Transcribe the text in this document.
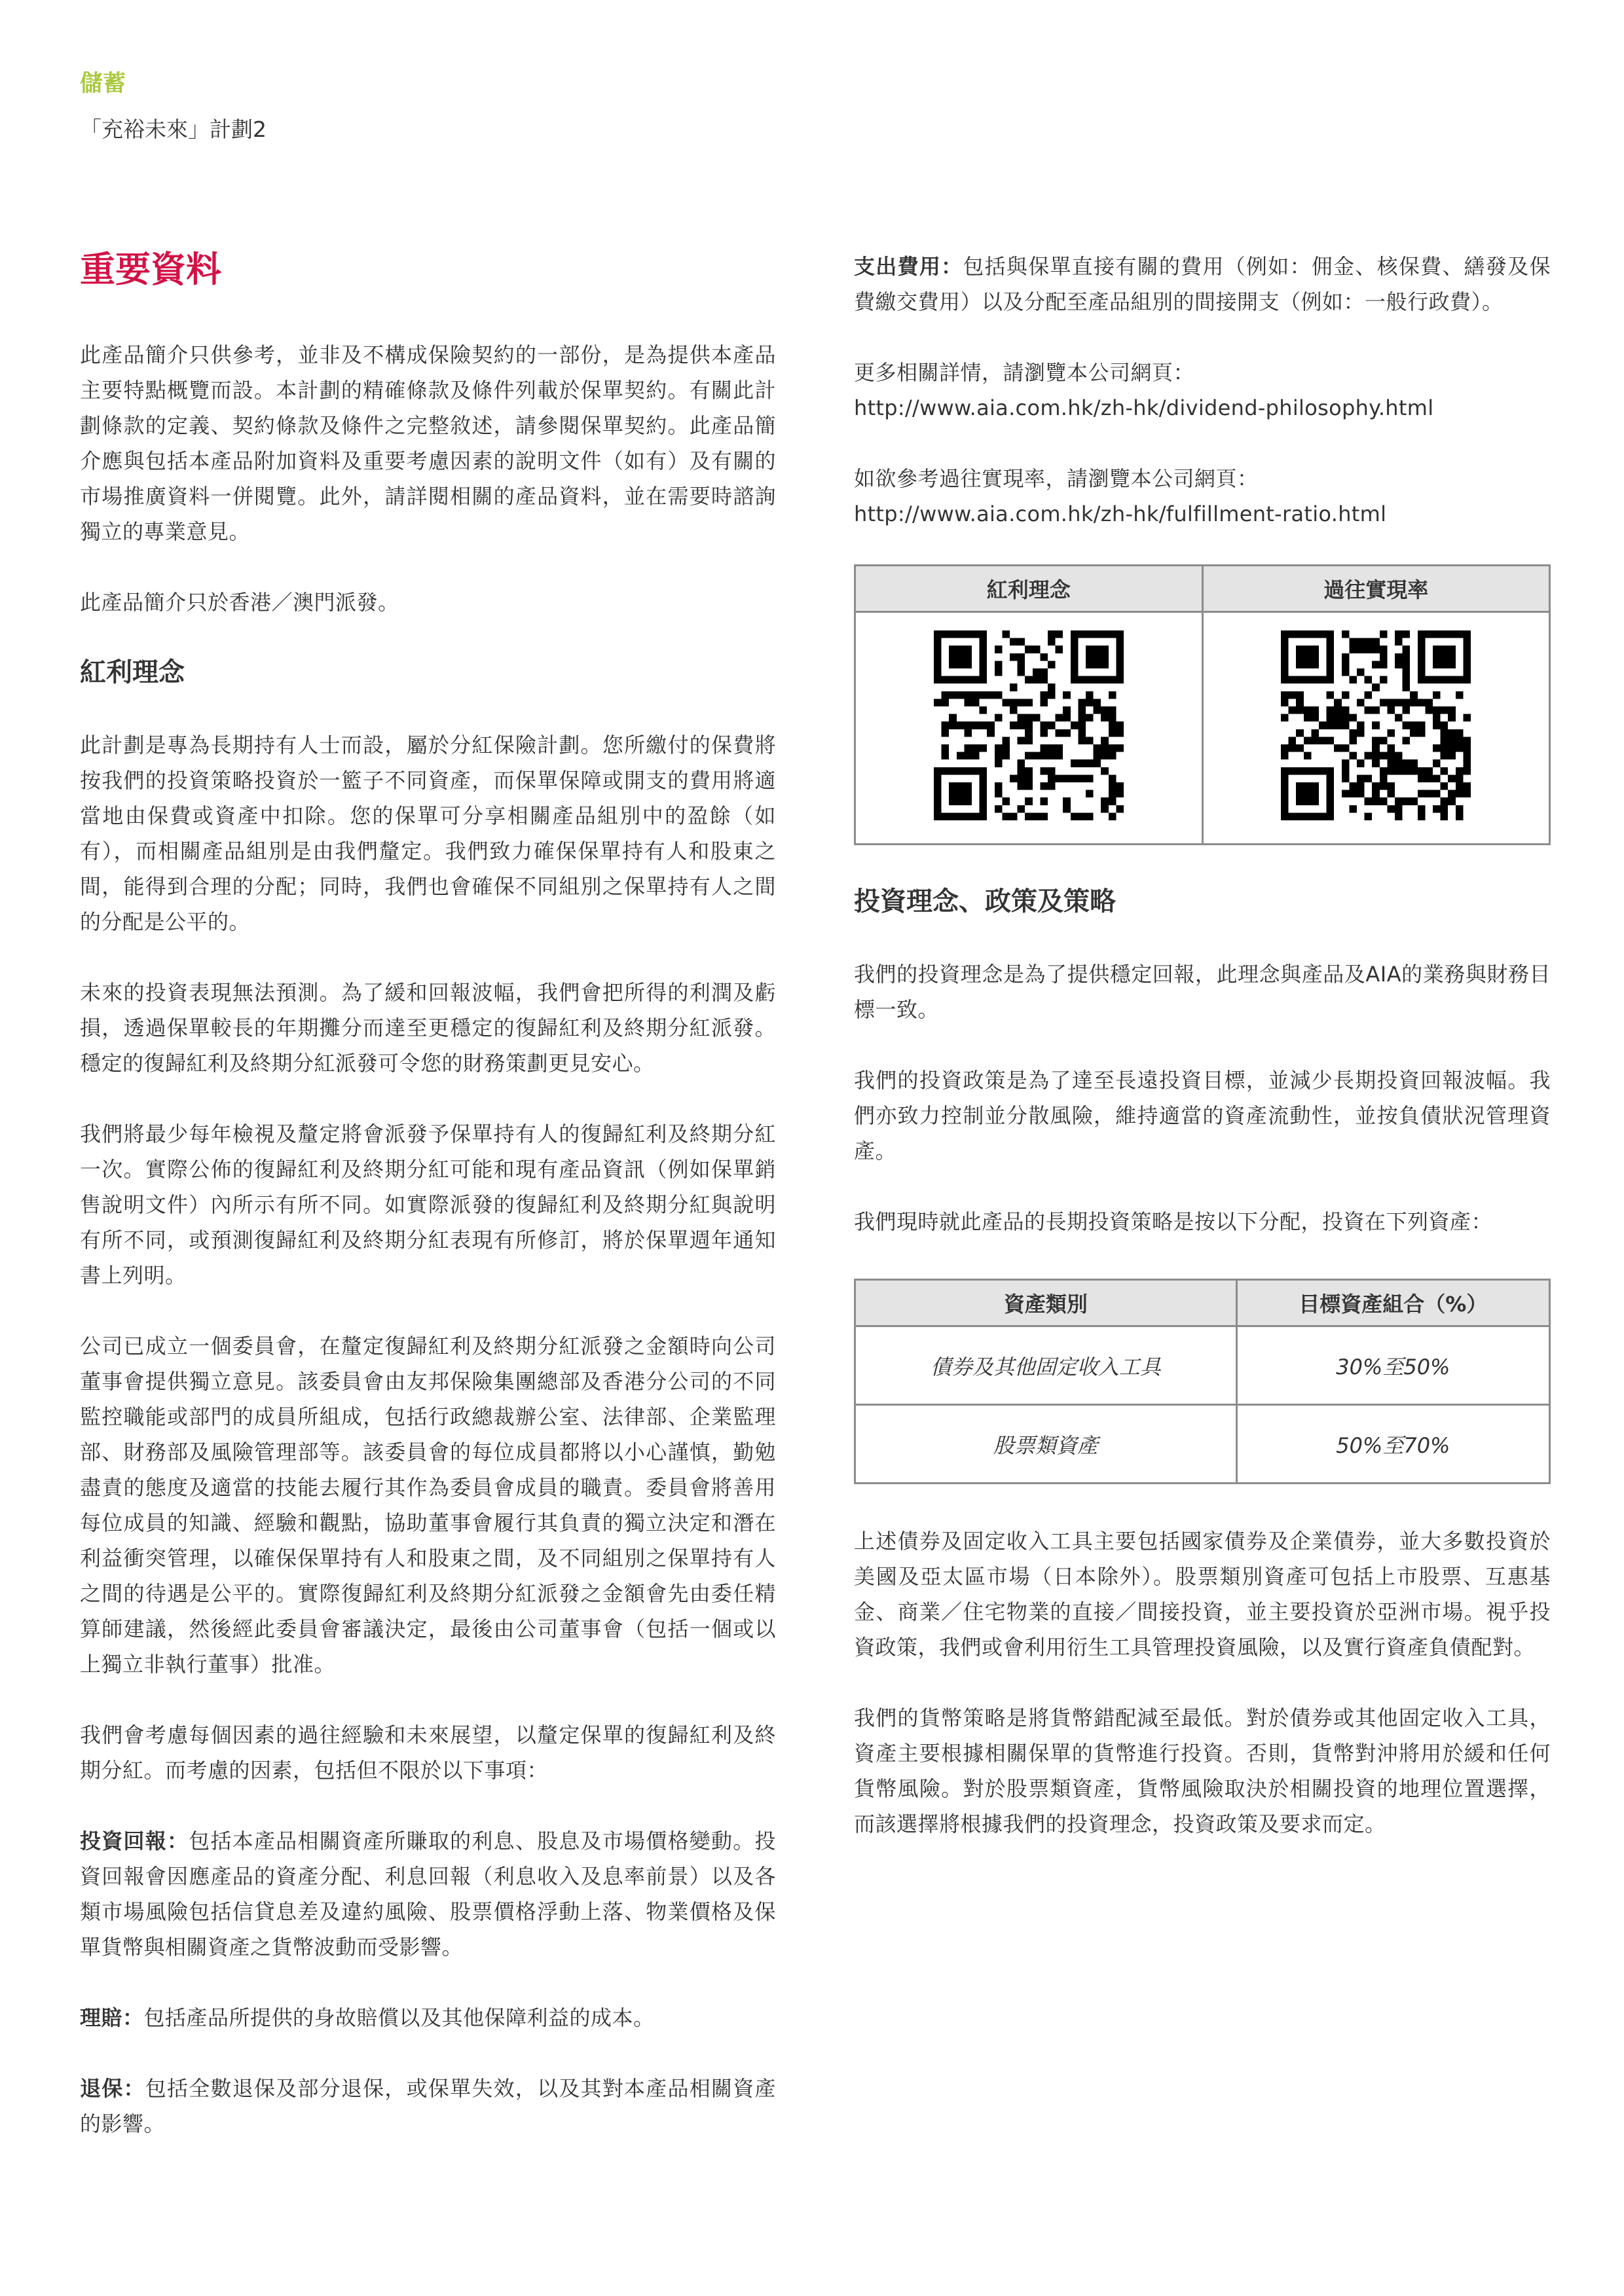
儲蓄
「充裕未來」計劃2
重要資料

此產品簡介只供參考，並非及不構成保險契約的一部份，是為提供本產品主要特點概覽而設。本計劃的精確條款及條件列載於保單契約。有關此計劃條款的定義、契約條款及條件之完整敘述，請參閱保單契約。此產品簡介應與包括本產品附加資料及重要考慮因素的說明文件（如有）及有關的市場推廣資料一併閱覽。此外，請詳閱相關的產品資料，並在需要時諮詢獨立的專業意見。

此產品簡介只於香港／澳門派發。

紅利理念

此計劃是專為長期持有人士而設，屬於分紅保險計劃。您所繳付的保費將按我們的投資策略投資於一籃子不同資產，而保單保障或開支的費用將適當地由保費或資產中扣除。您的保單可分享相關產品組別中的盈餘（如有），而相關產品組別是由我們釐定。我們致力確保保單持有人和股東之間，能得到合理的分配；同時，我們也會確保不同組別之保單持有人之間的分配是公平的。

未來的投資表現無法預測。為了緩和回報波幅，我們會把所得的利潤及虧損，透過保單較長的年期攤分而達至更穩定的復歸紅利及終期分紅派發。穩定的復歸紅利及終期分紅派發可令您的財務策劃更見安心。

我們將最少每年檢視及釐定將會派發予保單持有人的復歸紅利及終期分紅一次。實際公佈的復歸紅利及終期分紅可能和現有產品資訊（例如保單銷售說明文件）內所示有所不同。如實際派發的復歸紅利及終期分紅與說明有所不同，或預測復歸紅利及終期分紅表現有所修訂，將於保單週年通知書上列明。

公司已成立一個委員會，在釐定復歸紅利及終期分紅派發之金額時向公司董事會提供獨立意見。該委員會由友邦保險集團總部及香港分公司的不同監控職能或部門的成員所組成，包括行政總裁辦公室、法律部、企業監理部、財務部及風險管理部等。該委員會的每位成員都將以小心謹慎，勤勉盡責的態度及適當的技能去履行其作為委員會成員的職責。委員會將善用每位成員的知識、經驗和觀點，協助董事會履行其負責的獨立決定和潛在利益衝突管理，以確保保單持有人和股東之間，及不同組別之保單持有人之間的待遇是公平的。實際復歸紅利及終期分紅派發之金額會先由委任精算師建議，然後經此委員會審議決定，最後由公司董事會（包括一個或以上獨立非執行董事）批准。

我們會考慮每個因素的過往經驗和未來展望，以釐定保單的復歸紅利及終期分紅。而考慮的因素，包括但不限於以下事項：

投資回報：包括本產品相關資產所賺取的利息、股息及市場價格變動。投資回報會因應產品的資產分配、利息回報（利息收入及息率前景）以及各類市場風險包括信貸息差及違約風險、股票價格浮動上落、物業價格及保單貨幣與相關資產之貨幣波動而受影響。

理賠：包括產品所提供的身故賠償以及其他保障利益的成本。

退保：包括全數退保及部分退保，或保單失效，以及其對本產品相關資產的影響。

支出費用：包括與保單直接有關的費用（例如：佣金、核保費、繕發及保費繳交費用）以及分配至產品組別的間接開支（例如：一般行政費）。

更多相關詳情，請瀏覽本公司網頁：
http://www.aia.com.hk/zh-hk/dividend-philosophy.html

如欲參考過往實現率，請瀏覽本公司網頁：
http://www.aia.com.hk/zh-hk/fulfillment-ratio.html

紅利理念	過往實現率

投資理念、政策及策略

我們的投資理念是為了提供穩定回報，此理念與產品及AIA的業務與財務目標一致。

我們的投資政策是為了達至長遠投資目標，並減少長期投資回報波幅。我們亦致力控制並分散風險，維持適當的資產流動性，並按負債狀況管理資產。

我們現時就此產品的長期投資策略是按以下分配，投資在下列資產：

資產類別	目標資產組合（%）
債券及其他固定收入工具	30%至50%
股票類資產	50%至70%

上述債券及固定收入工具主要包括國家債券及企業債券，並大多數投資於美國及亞太區市場（日本除外）。股票類別資產可包括上市股票、互惠基金、商業／住宅物業的直接／間接投資，並主要投資於亞洲市場。視乎投資政策，我們或會利用衍生工具管理投資風險，以及實行資產負債配對。

我們的貨幣策略是將貨幣錯配減至最低。對於債券或其他固定收入工具，資產主要根據相關保單的貨幣進行投資。否則，貨幣對沖將用於緩和任何貨幣風險。對於股票類資產，貨幣風險取決於相關投資的地理位置選擇，而該選擇將根據我們的投資理念，投資政策及要求而定。
